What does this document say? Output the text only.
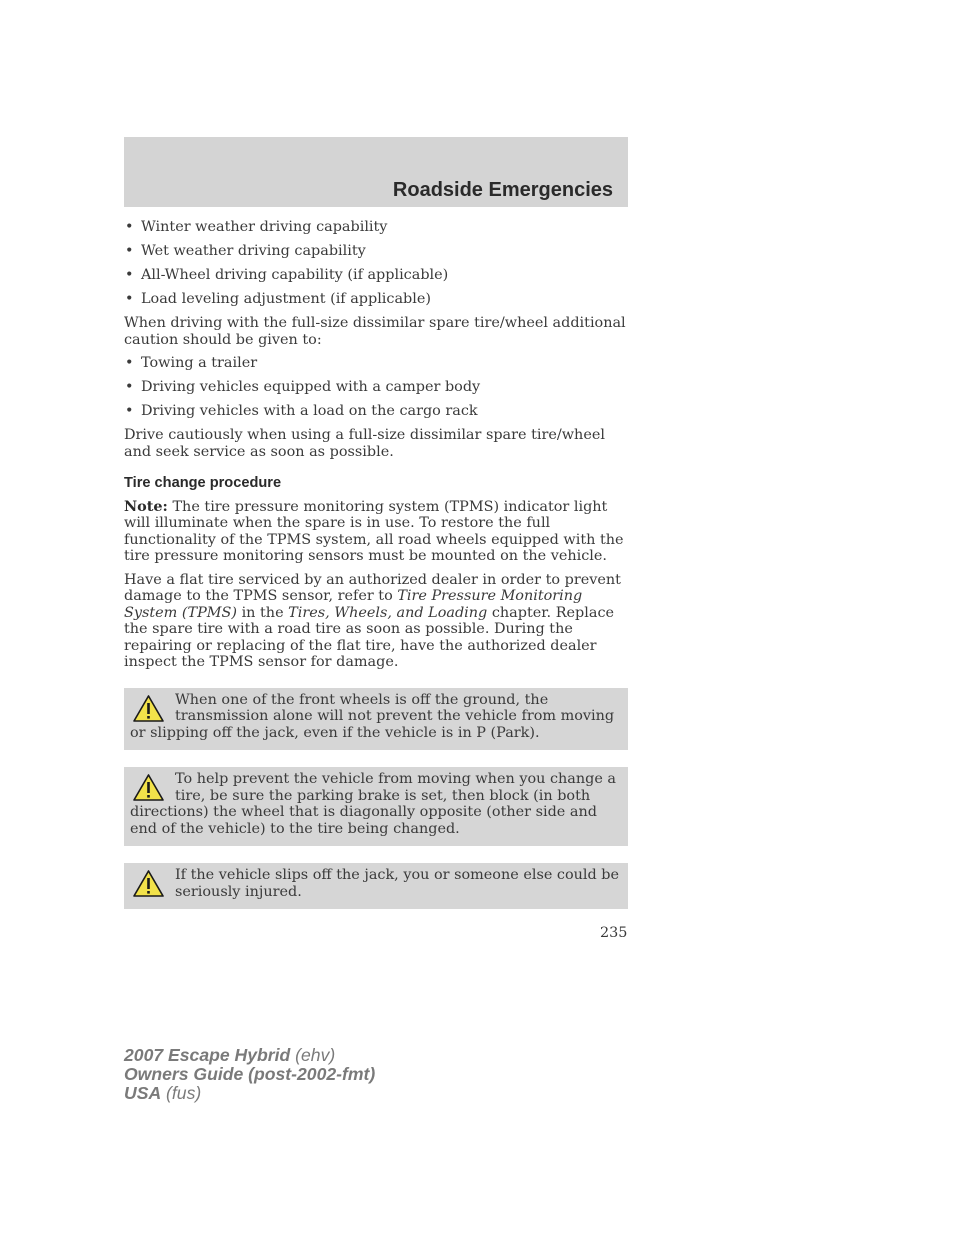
Roadside Emergencies
• Winter weather driving capability
• Wet weather driving capability
• All-Wheel driving capability (if applicable)
• Load leveling adjustment (if applicable)

When driving with the full-size dissimilar spare tire/wheel additional caution should be given to:

• Towing a trailer
• Driving vehicles equipped with a camper body
• Driving vehicles with a load on the cargo rack

Drive cautiously when using a full-size dissimilar spare tire/wheel and seek service as soon as possible.

Tire change procedure

Note: The tire pressure monitoring system (TPMS) indicator light will illuminate when the spare is in use. To restore the full functionality of the TPMS system, all road wheels equipped with the tire pressure monitoring sensors must be mounted on the vehicle.

Have a flat tire serviced by an authorized dealer in order to prevent damage to the TPMS sensor, refer to Tire Pressure Monitoring System (TPMS) in the Tires, Wheels, and Loading chapter. Replace the spare tire with a road tire as soon as possible. During the repairing or replacing of the flat tire, have the authorized dealer inspect the TPMS sensor for damage.

When one of the front wheels is off the ground, the transmission alone will not prevent the vehicle from moving or slipping off the jack, even if the vehicle is in P (Park).
To help prevent the vehicle from moving when you change a tire, be sure the parking brake is set, then block (in both directions) the wheel that is diagonally opposite (other side and end of the vehicle) to the tire being changed.
If the vehicle slips off the jack, you or someone else could be seriously injured.
235
2007 Escape Hybrid (ehv)
Owners Guide (post-2002-fmt)
USA (fus)
